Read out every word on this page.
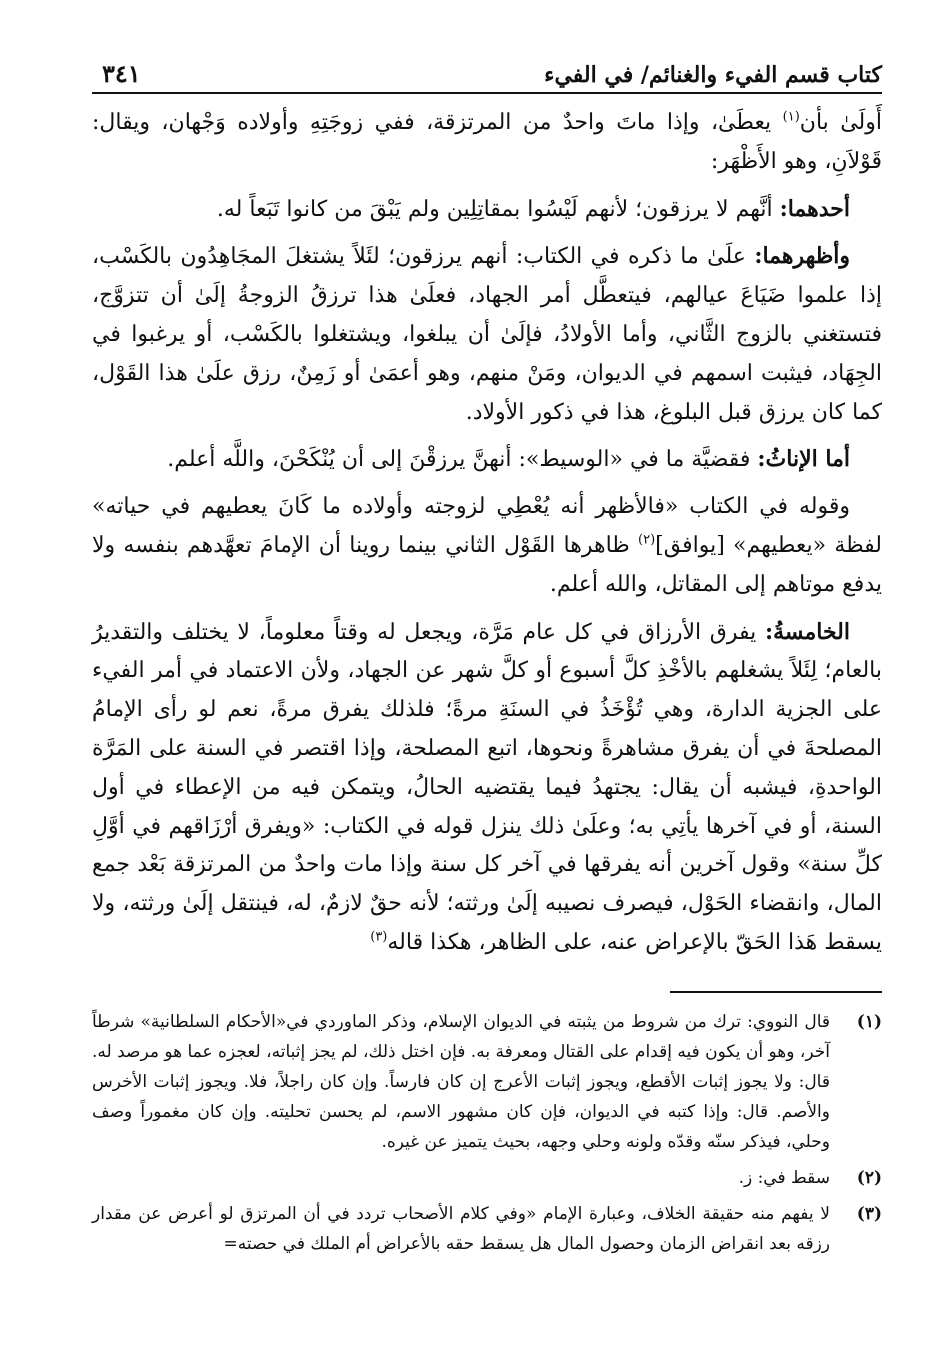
كتاب قسم الفيء والغنائم/ في الفيء
٣٤١

أَولَىٰ بأن$^{(١)}$ يعطَىٰ، وإذا ماتَ واحدٌ من المرتزقة، ففي زوجَتِهِ وأولاده وَجْهان، ويقال: قَوْلاَنِ، وهو الأَظْهَر:

أحدهما: أنَّهم لا يرزقون؛ لأنهم لَيْسُوا بمقاتِلِين ولم يَبْقَ من كانوا تَبَعاً له.

وأظهرهما: علَىٰ ما ذكره في الكتاب: أنهم يرزقون؛ لئَلاً يشتغلَ المجَاهِدُون بالكَسْب، إذا علموا ضَيَاعَ عيالهم، فيتعطَّل أمر الجهاد، فعلَىٰ هذا ترزقُ الزوجةُ إلَىٰ أن تتزوَّج، فتستغني بالزوج الثَّاني، وأما الأولادُ، فإلَىٰ أن يبلغوا، ويشتغلوا بالكَسْب، أو يرغبوا في الجِهَاد، فيثبت اسمهم في الديوان، ومَنْ منهم، وهو أعمَىٰ أو زَمِنٌ، رزق علَىٰ هذا القَوْل، كما كان يرزق قبل البلوغ، هذا في ذكور الأولاد.

أما الإناثُ: فقضيَّة ما في «الوسيط»: أنهنَّ يرزقْنَ إلى أن يُنْكَحْنَ، واللَّه أعلم.

وقوله في الكتاب «فالأظهر أنه يُعْطِي لزوجته وأولاده ما كَانَ يعطيهم في حياته» لفظة «يعطيهم» [يوافق]$^{(٢)}$ ظاهرها القَوْل الثاني بينما روينا أن الإمامَ تعهَّدهم بنفسه ولا يدفع موتاهم إلى المقاتل، والله أعلم.

الخامسةُ: يفرق الأرزاق في كل عام مَرَّة، ويجعل له وقتاً معلوماً، لا يختلف والتقديرُ بالعام؛ لِئَلاً يشغلهم بالأخْذِ كلَّ أسبوع أو كلَّ شهر عن الجهاد، ولأن الاعتماد في أمر الفيء على الجزية الدارة، وهي تُؤْخَذُ في السنَةِ مرةً؛ فلذلك يفرق مرةً، نعم لو رأى الإمامُ المصلحةَ في أن يفرق مشاهرةً ونحوها، اتبع المصلحة، وإذا اقتصر في السنة على المَرَّة الواحدةِ، فيشبه أن يقال: يجتهدُ فيما يقتضيه الحالُ، ويتمكن فيه من الإعطاء في أول السنة، أو في آخرها يأتِي به؛ وعلَىٰ ذلك ينزل قوله في الكتاب: «ويفرق أرْزَاقهم في أوَّلِ كلِّ سنة» وقول آخرين أنه يفرقها في آخر كل سنة وإذا مات واحدٌ من المرتزقة بَعْد جمع المال، وانقضاء الحَوْل، فيصرف نصيبه إلَىٰ ورثته؛ لأنه حقٌ لازمٌ، له، فينتقل إلَىٰ ورثته، ولا يسقط هَذا الحَقّ بالإعراض عنه، على الظاهر، هكذا قاله$^{(٣)}$

(١)
قال النووي: ترك من شروط من يثبته في الديوان الإسلام، وذكر الماوردي في«الأحكام السلطانية» شرطاً آخر، وهو أن يكون فيه إقدام على القتال ومعرفة به. فإن اختل ذلك، لم يجز إثباته، لعجزه عما هو مرصد له. قال: ولا يجوز إثبات الأقطع، ويجوز إثبات الأعرج إن كان فارساً. وإن كان راجلاً، فلا. ويجوز إثبات الأخرس والأصم. قال: وإذا كتبه في الديوان، فإن كان مشهور الاسم، لم يحسن تحليته. وإن كان مغموراً وصف وحلي، فيذكر سنّه وقدّه ولونه وحلي وجهه، بحيث يتميز عن غيره.
(٢)
سقط في: ز.
(٣)
لا يفهم منه حقيقة الخلاف، وعبارة الإمام «وفي كلام الأصحاب تردد في أن المرتزق لو أعرض عن مقدار رزقه بعد انقراض الزمان وحصول المال هل يسقط حقه بالأعراض أم الملك في حصته=
